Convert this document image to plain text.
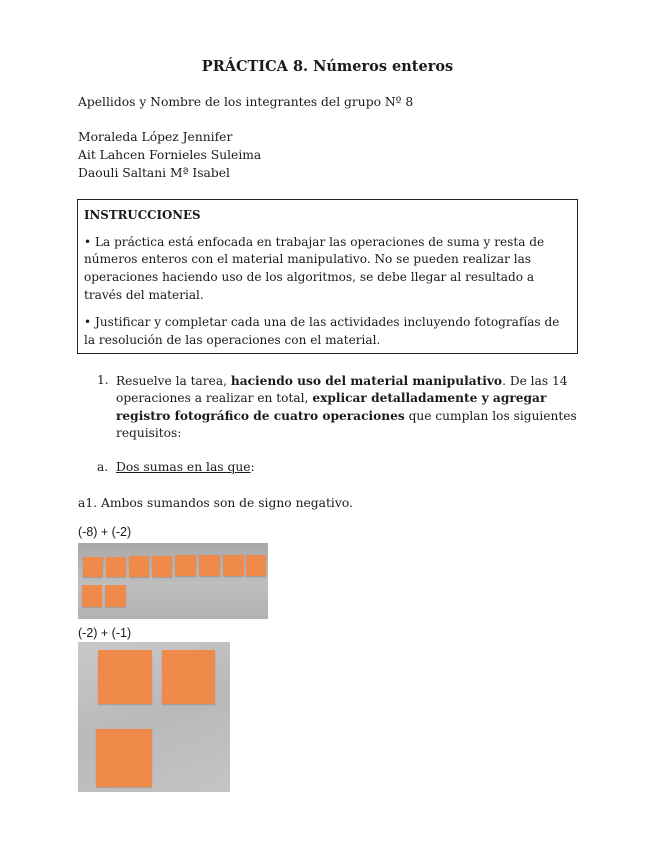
PRÁCTICA 8. Números enteros
Apellidos y Nombre de los integrantes del grupo Nº 8
Moraleda López Jennifer
Ait Lahcen Fornieles Suleima
Daouli Saltani Mª Isabel
INSTRUCCIONES
• La práctica está enfocada en trabajar las operaciones de suma y resta de
números enteros con el material manipulativo. No se pueden realizar las
operaciones haciendo uso de los algoritmos, se debe llegar al resultado a
través del material.
• Justificar y completar cada una de las actividades incluyendo fotografías de
la resolución de las operaciones con el material.
1. Resuelve la tarea, haciendo uso del material manipulativo. De las 14
operaciones a realizar en total, explicar detalladamente y agregar
registro fotográfico de cuatro operaciones que cumplan los siguientes
requisitos:
a. Dos sumas en las que:
a1. Ambos sumandos son de signo negativo.
(-8) + (-2)
(-2) + (-1)
